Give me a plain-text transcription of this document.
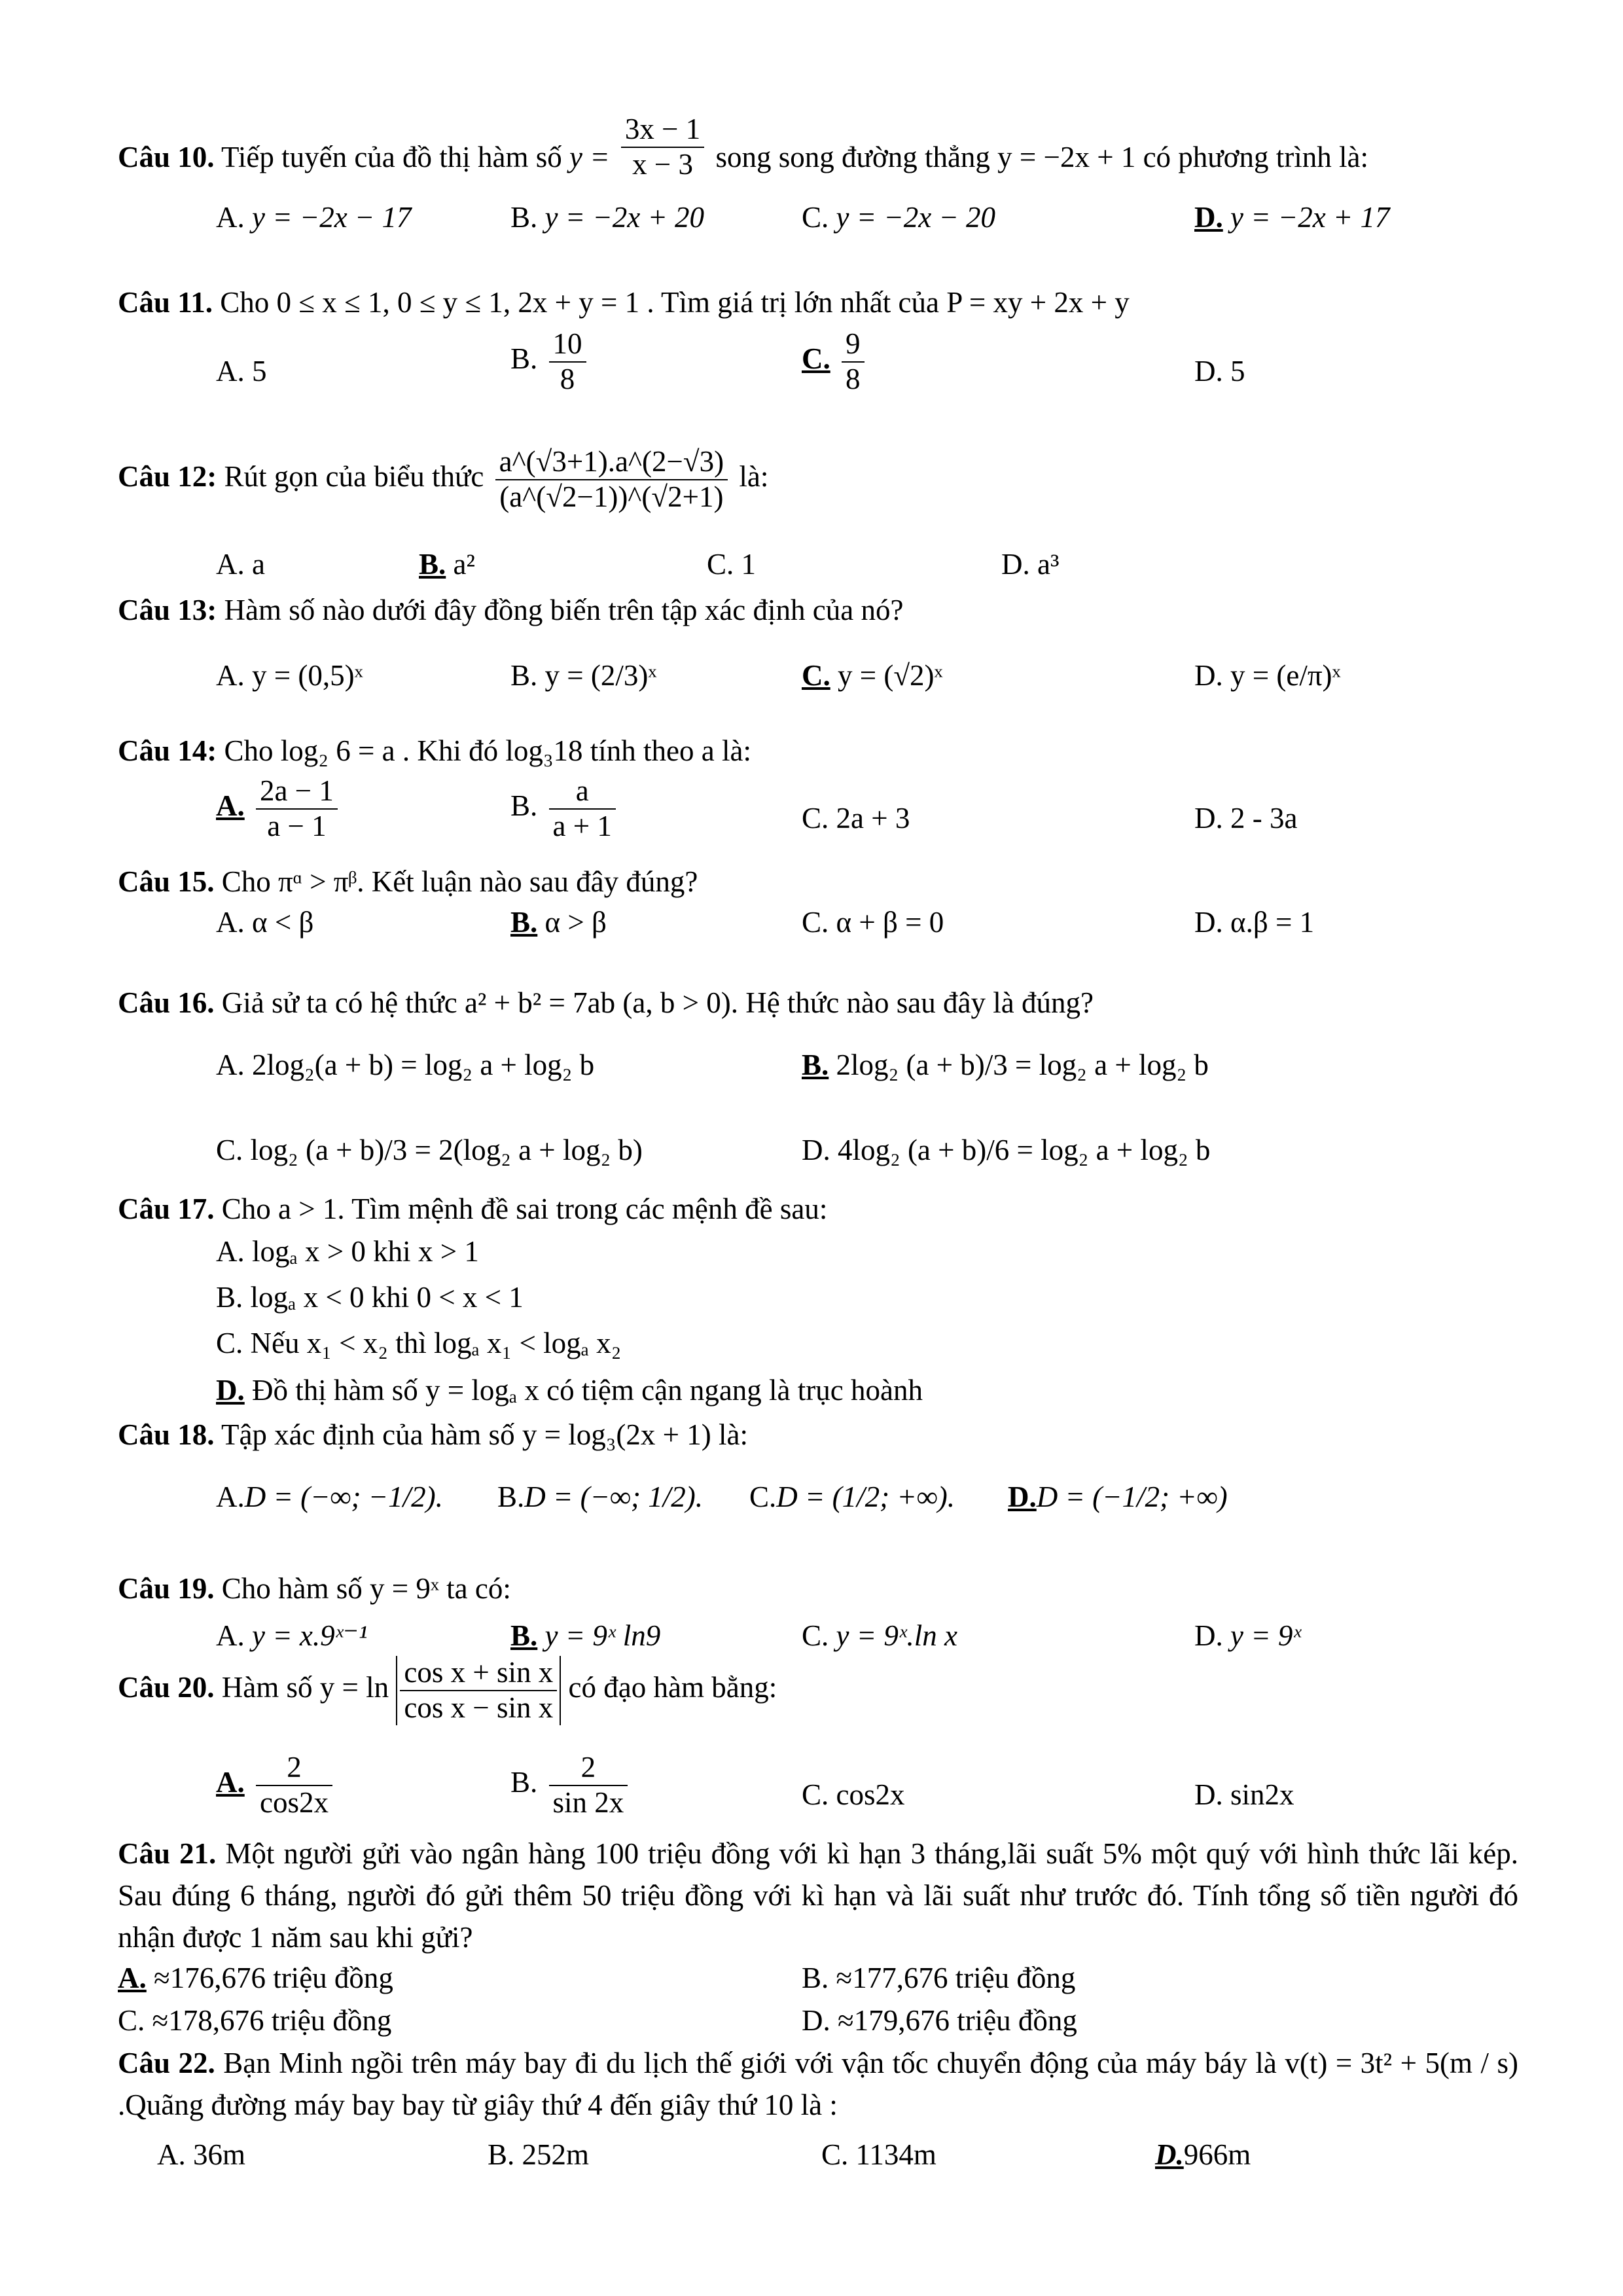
Câu 10. Tiếp tuyến của đồ thị hàm số $y = \frac{3x - 1}{x - 3}$ song song đường thẳng y = −2x + 1 có phương trình là:
A. y = −2x − 17	B. y = −2x + 20	C. y = −2x − 20	D. y = −2x + 17
Câu 11. Cho 0 ≤ x ≤ 1, 0 ≤ y ≤ 1, 2x + y = 1 . Tìm giá trị lớn nhất của P = xy + 2x + y
A. 5	B. $\frac{10}{8}$	C. $\frac{9}{8}$	D. 5
Câu 12: Rút gọn của biểu thức $\frac{a\^{}(√3+1).a\^{}(2-√3)}{(a\^{}(√2-1))\^{}(√2+1)}$ là:
A. a	B. a²	C. 1	D. a³
Câu 13: Hàm số nào dưới đây đồng biến trên tập xác định của nó?
A. y = (0,5)ˣ	B. y = (2/3)ˣ	C. y = (√2)ˣ	D. y = (e/π)ˣ
Câu 14: Cho log₂ 6 = a . Khi đó log₃18 tính theo a là:
A. $\frac{2a - 1}{a - 1}$	B. $\frac{a}{a + 1}$	C. 2a + 3	D. 2 - 3a
Câu 15. Cho πᵅ > πᵝ. Kết luận nào sau đây đúng?
A. α < β	B. α > β	C. α + β = 0	D. α.β = 1
Câu 16. Giả sử ta có hệ thức a² + b² = 7ab (a, b > 0). Hệ thức nào sau đây là đúng?
A. 2log₂(a + b) = log₂ a + log₂ b	B. 2log₂ (a + b)/3 = log₂ a + log₂ b
C. log₂ (a + b)/3 = 2(log₂ a + log₂ b)	D. 4log₂ (a + b)/6 = log₂ a + log₂ b
Câu 17. Cho a > 1. Tìm mệnh đề sai trong các mệnh đề sau:
A. logₐ x > 0 khi x > 1
B. logₐ x < 0 khi 0 < x < 1
C. Nếu x₁ < x₂ thì logₐ x₁ < logₐ x₂
D. Đồ thị hàm số y = logₐ x có tiệm cận ngang là trục hoành
Câu 18. Tập xác định của hàm số y = log₃(2x + 1) là:
A.D = (−∞; −1/2). B.D = (−∞; 1/2). C.D = (1/2; +∞). D.D = (−1/2; +∞)
Câu 19. Cho hàm số y = 9ˣ ta có:
A. y = x.9ˣ⁻¹	B. y = 9ˣ ln9	C. y = 9ˣ.ln x	D. y = 9ˣ
Câu 20. Hàm số $y = \ln \frac{\text{cos x + sin x}}{\text{cos x − sin x}}$ có đạo hàm bằng:
A. $\frac{2}{\cos 2x}$	B. $\frac{2}{\sin 2x}$	C. cos2x	D. sin2x
Câu 21. Một người gửi vào ngân hàng 100 triệu đồng với kì hạn 3 tháng,lãi suất 5% một quý với hình thức lãi kép. Sau đúng 6 tháng, người đó gửi thêm 50 triệu đồng với kì hạn và lãi suất như trước đó. Tính tổng số tiền người đó nhận được 1 năm sau khi gửi?
A. ≈176,676 triệu đồng	B. ≈177,676 triệu đồng
C. ≈178,676 triệu đồng	D. ≈179,676 triệu đồng
Câu 22. Bạn Minh ngồi trên máy bay đi du lịch thế giới với vận tốc chuyển động của máy báy là v(t) = 3t² + 5(m / s) .Quãng đường máy bay bay từ giây thứ 4 đến giây thứ 10 là :
A. 36m	B. 252m	C. 1134m	D.966m
